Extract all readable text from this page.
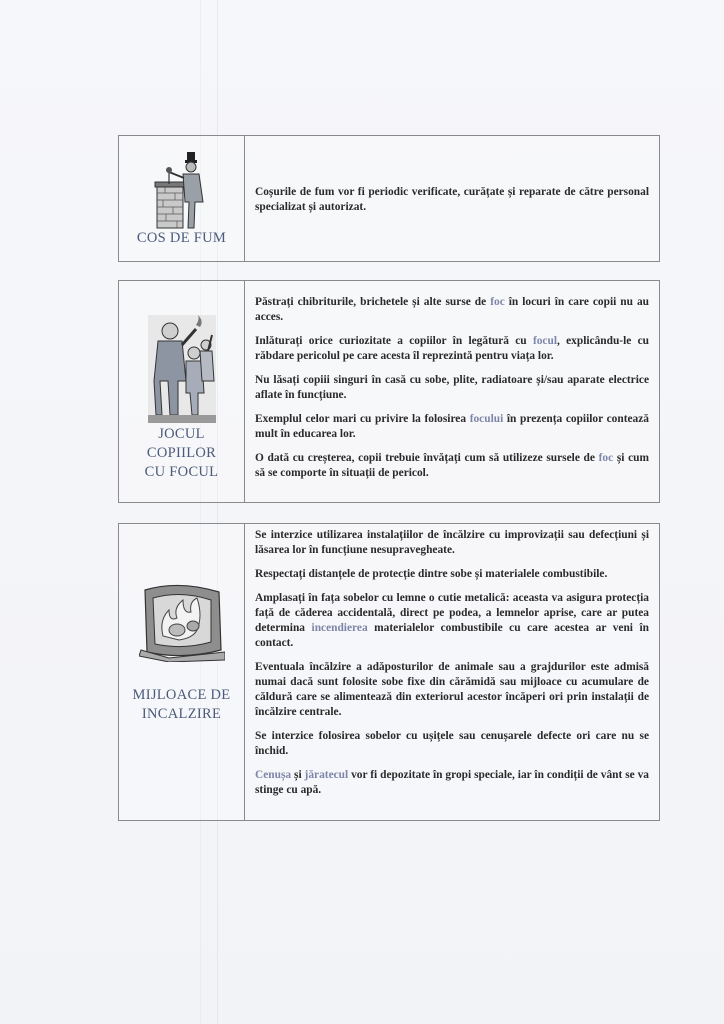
COS DE FUM

Coșurile de fum vor fi periodic verificate, curățate și reparate de către personal specializat și autorizat.

JOCUL
COPIILOR
CU FOCUL

Păstrați chibriturile, brichetele și alte surse de foc în locuri în care copii nu au acces.

Inlăturați orice curiozitate a copiilor în legătură cu focul, explicându-le cu răbdare pericolul pe care acesta îl reprezintă pentru viața lor.

Nu lăsați copiii singuri în casă cu sobe, plite, radiatoare și/sau aparate electrice aflate în funcțiune.

Exemplul celor mari cu privire la folosirea focului în prezența copiilor contează mult în educarea lor.

O dată cu creșterea, copii trebuie învățați cum să utilizeze sursele de foc și cum să se comporte în situații de pericol.

MIJLOACE DE
INCALZIRE

Se interzice utilizarea instalațiilor de încălzire cu improvizații sau defecțiuni și lăsarea lor în funcțiune nesupravegheate.

Respectați distanțele de protecție dintre sobe și materialele combustibile.

Amplasați în fața sobelor cu lemne o cutie metalică: aceasta va asigura protecția față de căderea accidentală, direct pe podea, a lemnelor aprise, care ar putea determina incendierea materialelor combustibile cu care acestea ar veni în contact.

Eventuala încălzire a adăposturilor de animale sau a grajdurilor este admisă numai dacă sunt folosite sobe fixe din cărămidă sau mijloace cu acumulare de căldură care se alimentează din exteriorul acestor încăperi ori prin instalații de încălzire centrale.

Se interzice folosirea sobelor cu ușițele sau cenușarele defecte ori care nu se închid.

Cenușa și jăratecul vor fi depozitate în gropi speciale, iar în condiții de vânt se va stinge cu apă.
